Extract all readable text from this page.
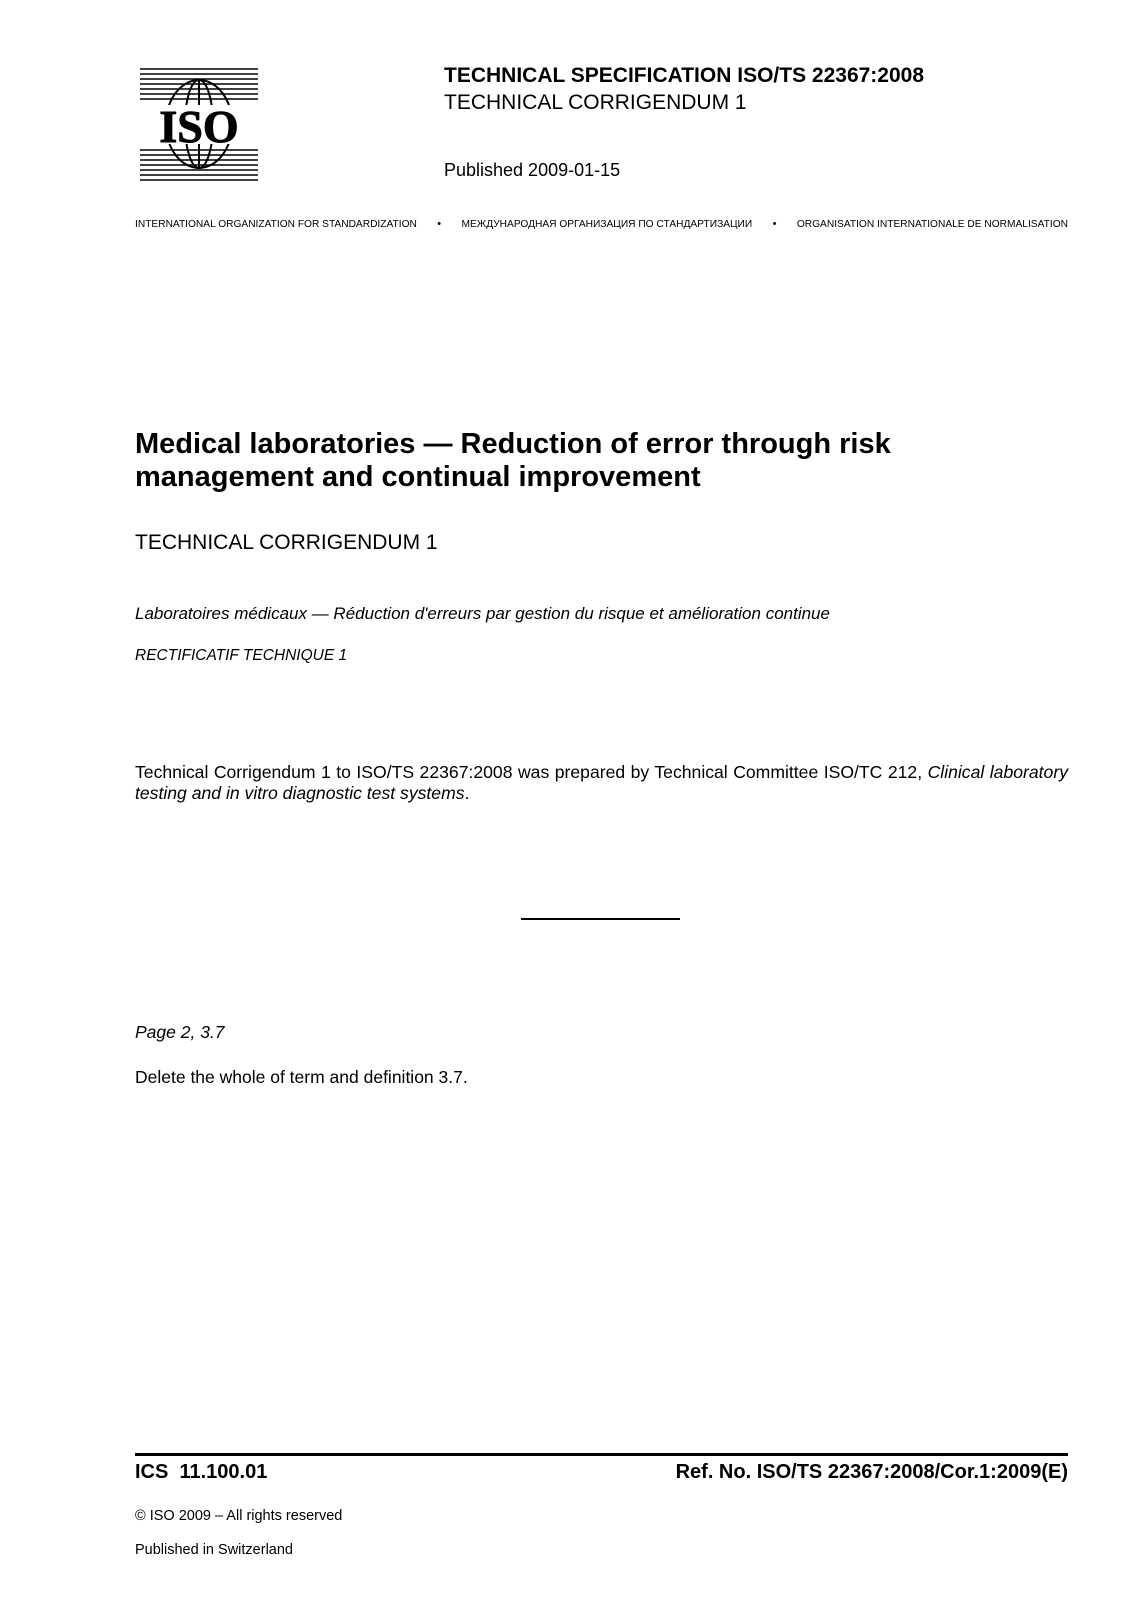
ISO
TECHNICAL SPECIFICATION ISO/TS 22367:2008
TECHNICAL CORRIGENDUM 1
Published 2009-01-15
INTERNATIONAL ORGANIZATION FOR STANDARDIZATION • МЕЖДУНАРОДНАЯ ОРГАНИЗАЦИЯ ПО СТАНДАРТИЗАЦИИ • ORGANISATION INTERNATIONALE DE NORMALISATION
Medical laboratories — Reduction of error through risk management and continual improvement
TECHNICAL CORRIGENDUM 1
Laboratoires médicaux — Réduction d'erreurs par gestion du risque et amélioration continue
RECTIFICATIF TECHNIQUE 1
Technical Corrigendum 1 to ISO/TS 22367:2008 was prepared by Technical Committee ISO/TC 212, Clinical laboratory testing and in vitro diagnostic test systems.
Page 2, 3.7
Delete the whole of term and definition 3.7.
ICS  11.100.01	Ref. No. ISO/TS 22367:2008/Cor.1:2009(E)
© ISO 2009 – All rights reserved
Published in Switzerland
